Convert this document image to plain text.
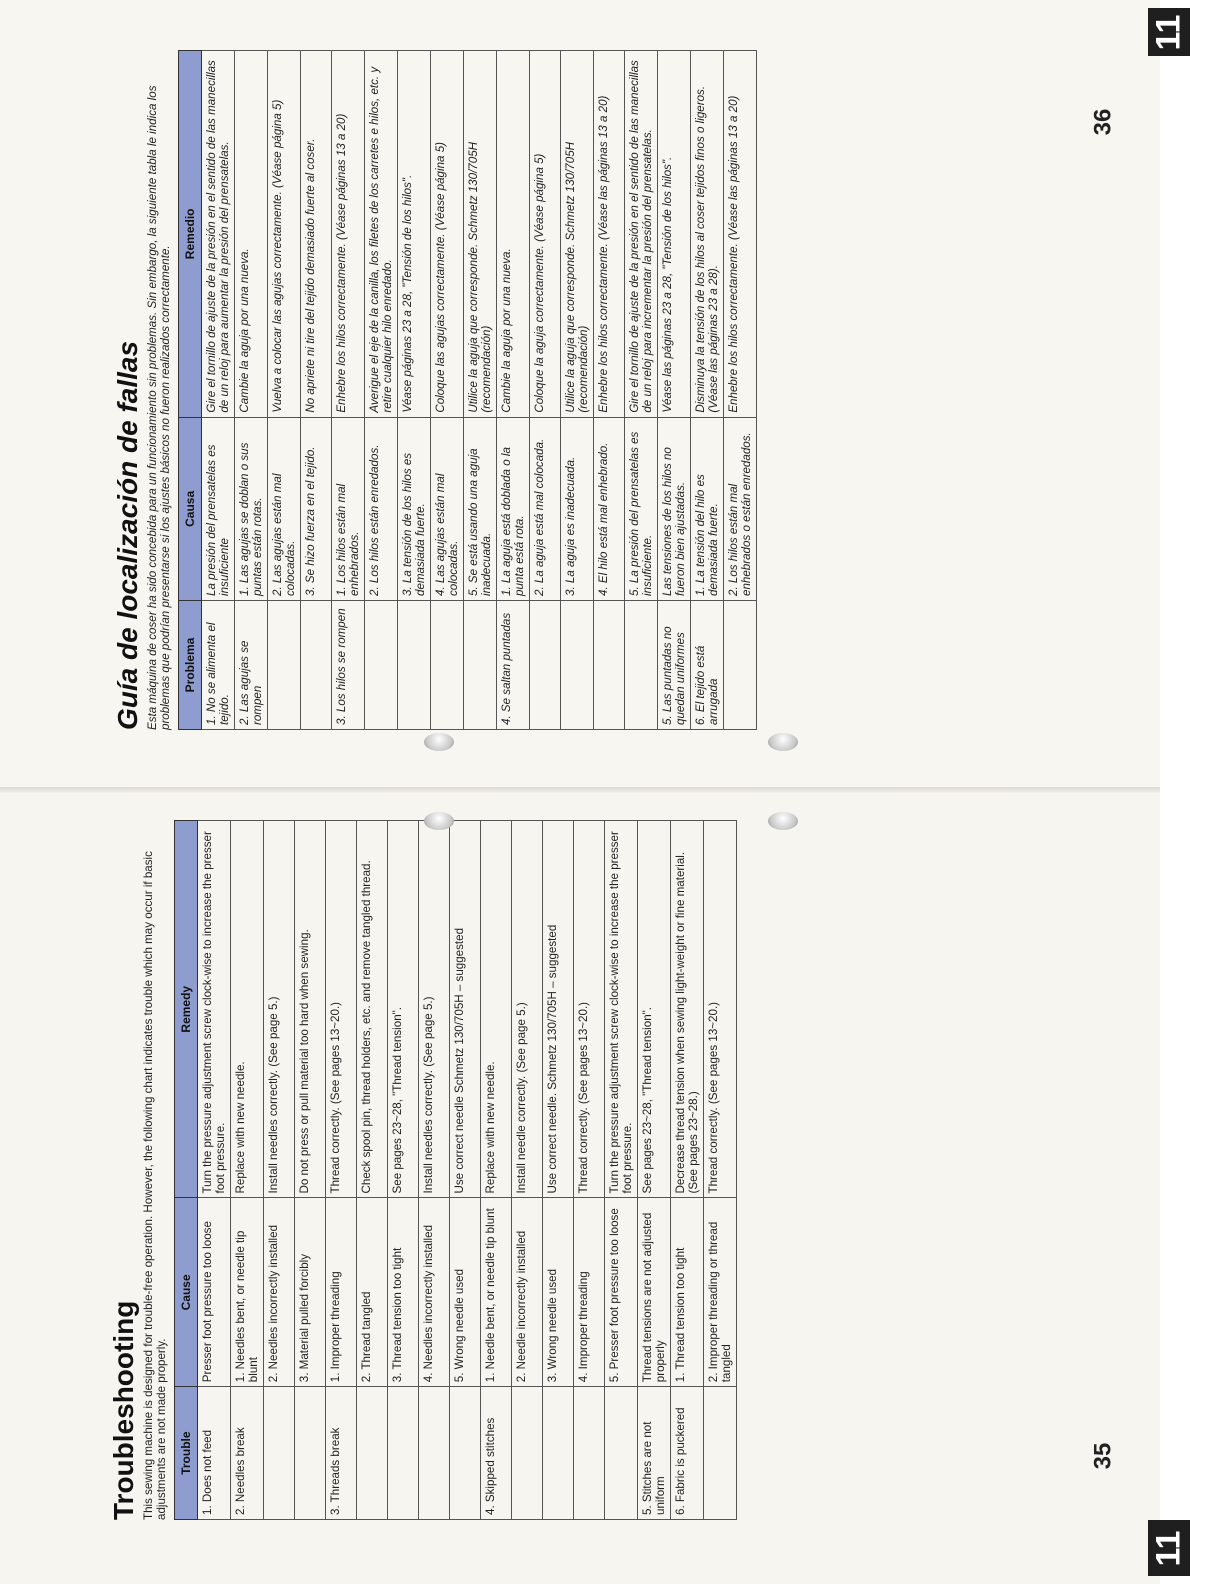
Guía de localización de fallas Esta máquina de coser ha sido concebida para un funcionamiento sin problemas. Sin embargo, la siguiente tabla le indica los problemas que podrían presentarse si los ajustes básicos no fueron realizados correctamente. Problema	Causa	Remedio
1. No se alimenta el tejido.	La presión del prensatelas es insuficiente	Gire el tornillo de ajuste de la presión en el sentido de las manecillas de un reloj para aumentar la presión del prensatelas.
2. Las agujas se rompen	1. Las agujas se doblan o sus puntas están rotas.	Cambie la aguja por una nueva.
	2. Las agujas están mal colocadas.	Vuelva a colocar las agujas correctamente. (Véase página 5)
	3. Se hizo fuerza en el tejido.	No apriete ni tire del tejido demasiado fuerte al coser.
3. Los hilos se rompen	1. Los hilos están mal enhebrados.	Enhebre los hilos correctamente. (Véase páginas 13 a 20)
	2. Los hilos están enredados.	Averigue el eje de la canilla, los filetes de los carretes e hilos, etc. y retire cualquier hilo enredado.
	3. La tensión de los hilos es demasiada fuerte.	Véase páginas 23 a 28, "Tensión de los hilos".
	4. Las agujas están mal colocadas.	Coloque las agujas correctamente. (Véase página 5)
	5. Se está usando una aguja inadecuada.	Utilice la aguja que corresponde. Schmetz 130/705H (recomendación)
4. Se saltan puntadas	1. La aguja está doblada o la punta está rota.	Cambie la aguja por una nueva.
	2. La aguja está mal colocada.	Coloque la aguja correctamente. (Véase página 5)
	3. La aguja es inadecuada.	Utilice la aguja que corresponde. Schmetz 130/705H (recomendación)
	4. El hilo está mal enhebrado.	Enhebre los hilos correctamente. (Véase las páginas 13 a 20)
	5. La presión del prensatelas es insuficiente.	Gire el tornillo de ajuste de la presión en el sentido de las manecillas de un reloj para incrementar la presión del prensatelas.
5. Las puntadas no quedan uniformes	Las tensiones de los hilos no fueron bien ajustadas.	Véase las páginas 23 a 28, "Tensión de los hilos".
6. El tejido está arrugada	1. La tensión del hilo es demasiada fuerte.	Disminuya la tensión de los hilos al coser tejidos finos o ligeros. (Véase las páginas 23 a 28).
	2. Los hilos están mal enhebrados o están enredados.	Enhebre los hilos correctamente. (Véase las páginas 13 a 20)
Troubleshooting This sewing machine is designed for trouble-free operation. However, the following chart indicates trouble which may occur if basic adjustments are not made properly. Trouble	Cause	Remedy
1. Does not feed	Presser foot pressure too loose	Turn the pressure adjustment screw clock-wise to increase the presser foot pressure.
2. Needles break	1. Needles bent, or needle tip blunt	Replace with new needle.
	2. Needles incorrectly installed	Install needles correctly. (See page 5.)
	3. Material pulled forcibly	Do not press or pull material too hard when sewing.
3. Threads break	1. Improper threading	Thread correctly. (See pages 13~20.)
	2. Thread tangled	Check spool pin, thread holders, etc. and remove tangled thread.
	3. Thread tension too tight	See pages 23~28, "Thread tension".
	4. Needles incorrectly installed	Install needles correctly. (See page 5.)
	5. Wrong needle used	Use correct needle Schmetz 130/705H – suggested
4. Skipped stitches	1. Needle bent, or needle tip blunt	Replace with new needle.
	2. Needle incorrectly installed	Install needle correctly. (See page 5.)
	3. Wrong needle used	Use correct needle. Schmetz 130/705H – suggested
	4. Improper threading	Thread correctly. (See pages 13~20.)
	5. Presser foot pressure too loose	Turn the pressure adjustment screw clock-wise to increase the presser foot pressure.
5. Stitches are not uniform	Thread tensions are not adjusted properly	See pages 23~28, "Thread tension".
6. Fabric is puckered	1. Thread tension too tight	Decrease thread tension when sewing light-weight or fine material. (See pages 23~28.)
	2. Improper threading or thread tangled	Thread correctly. (See pages 13~20.)
36
35
11
11
